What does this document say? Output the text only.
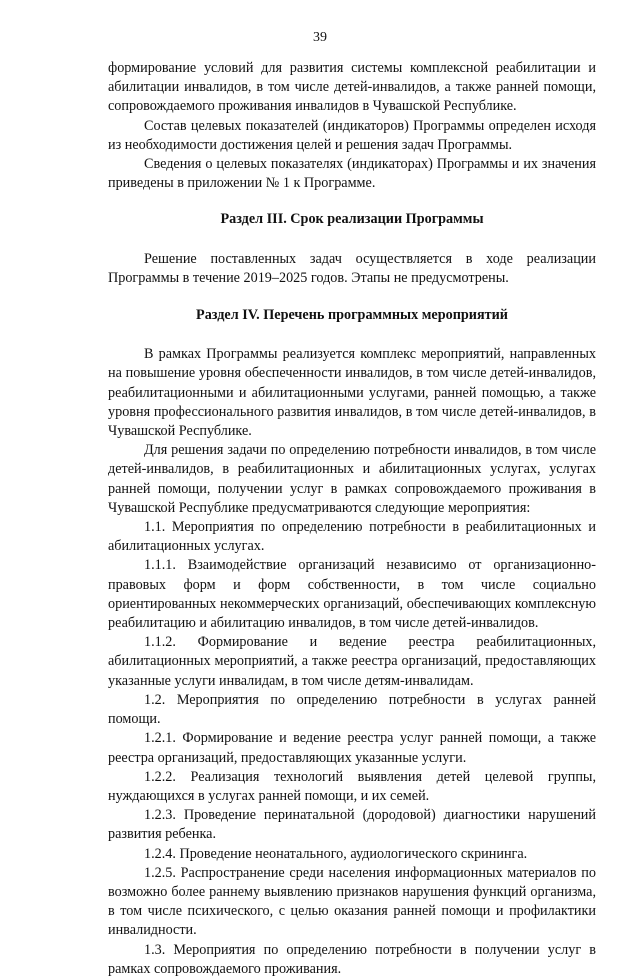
39

формирование условий для развития системы комплексной реабилитации и абилитации инвалидов, в том числе детей-инвалидов, а также ранней помощи, сопровождаемого проживания инвалидов в Чувашской Республике.

Состав целевых показателей (индикаторов) Программы определен исходя из необходимости достижения целей и решения задач Программы.

Сведения о целевых показателях (индикаторах) Программы и их значения приведены в приложении № 1 к Программе.

Раздел III. Срок реализации Программы

Решение поставленных задач осуществляется в ходе реализации Программы в течение 2019–2025 годов. Этапы не предусмотрены.

Раздел IV. Перечень программных мероприятий

В рамках Программы реализуется комплекс мероприятий, направленных на повышение уровня обеспеченности инвалидов, в том числе детей-инвалидов, реабилитационными и абилитационными услугами, ранней помощью, а также уровня профессионального развития инвалидов, в том числе детей-инвалидов, в Чувашской Республике.

Для решения задачи по определению потребности инвалидов, в том числе детей-инвалидов, в реабилитационных и абилитационных услугах, услугах ранней помощи, получении услуг в рамках сопровождаемого проживания в Чувашской Республике предусматриваются следующие мероприятия:

1.1. Мероприятия по определению потребности в реабилитационных и абилитационных услугах.

1.1.1. Взаимодействие организаций независимо от организационно-правовых форм и форм собственности, в том числе социально ориентированных некоммерческих организаций, обеспечивающих комплексную реабилитацию и абилитацию инвалидов, в том числе детей-инвалидов.

1.1.2. Формирование и ведение реестра реабилитационных, абилитационных мероприятий, а также реестра организаций, предоставляющих указанные услуги инвалидам, в том числе детям-инвалидам.

1.2. Мероприятия по определению потребности в услугах ранней помощи.

1.2.1. Формирование и ведение реестра услуг ранней помощи, а также реестра организаций, предоставляющих указанные услуги.

1.2.2. Реализация технологий выявления детей целевой группы, нуждающихся в услугах ранней помощи, и их семей.

1.2.3. Проведение перинатальной (дородовой) диагностики нарушений развития ребенка.

1.2.4. Проведение неонатального, аудиологического скрининга.

1.2.5. Распространение среди населения информационных материалов по возможно более раннему выявлению признаков нарушения функций организма, в том числе психического, с целью оказания ранней помощи и профилактики инвалидности.

1.3. Мероприятия по определению потребности в получении услуг в рамках сопровождаемого проживания.
